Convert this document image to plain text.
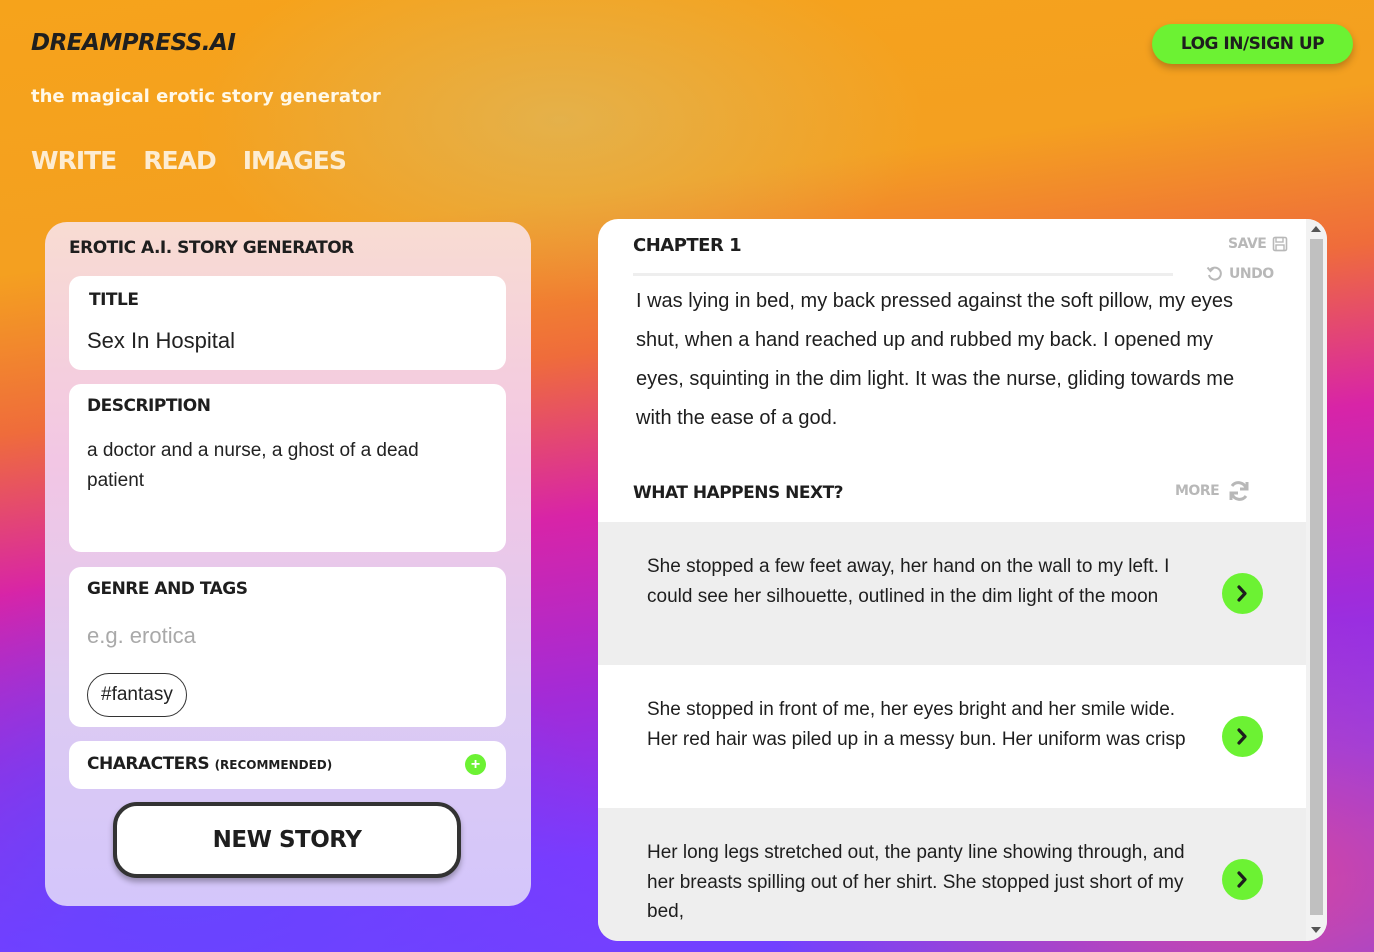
DREAMPRESS.AI
the magical erotic story generator
WRITE READ IMAGES
LOG IN/SIGN UP
EROTIC A.I. STORY GENERATOR
TITLE
Sex In Hospital
DESCRIPTION
a doctor and a nurse, a ghost of a dead patient
GENRE AND TAGS
e.g. erotica
#fantasy
CHARACTERS (RECOMMENDED)	+
NEW STORY
CHAPTER 1	SAVE
UNDO

I was lying in bed, my back pressed against the soft pillow, my eyes shut, when a hand reached up and rubbed my back. I opened my eyes, squinting in the dim light. It was the nurse, gliding towards me with the ease of a god.

WHAT HAPPENS NEXT?	MORE
She stopped a few feet away, her hand on the wall to my left. I could see her silhouette, outlined in the dim light of the moon
She stopped in front of me, her eyes bright and her smile wide. Her red hair was piled up in a messy bun. Her uniform was crisp
Her long legs stretched out, the panty line showing through, and her breasts spilling out of her shirt. She stopped just short of my bed,
